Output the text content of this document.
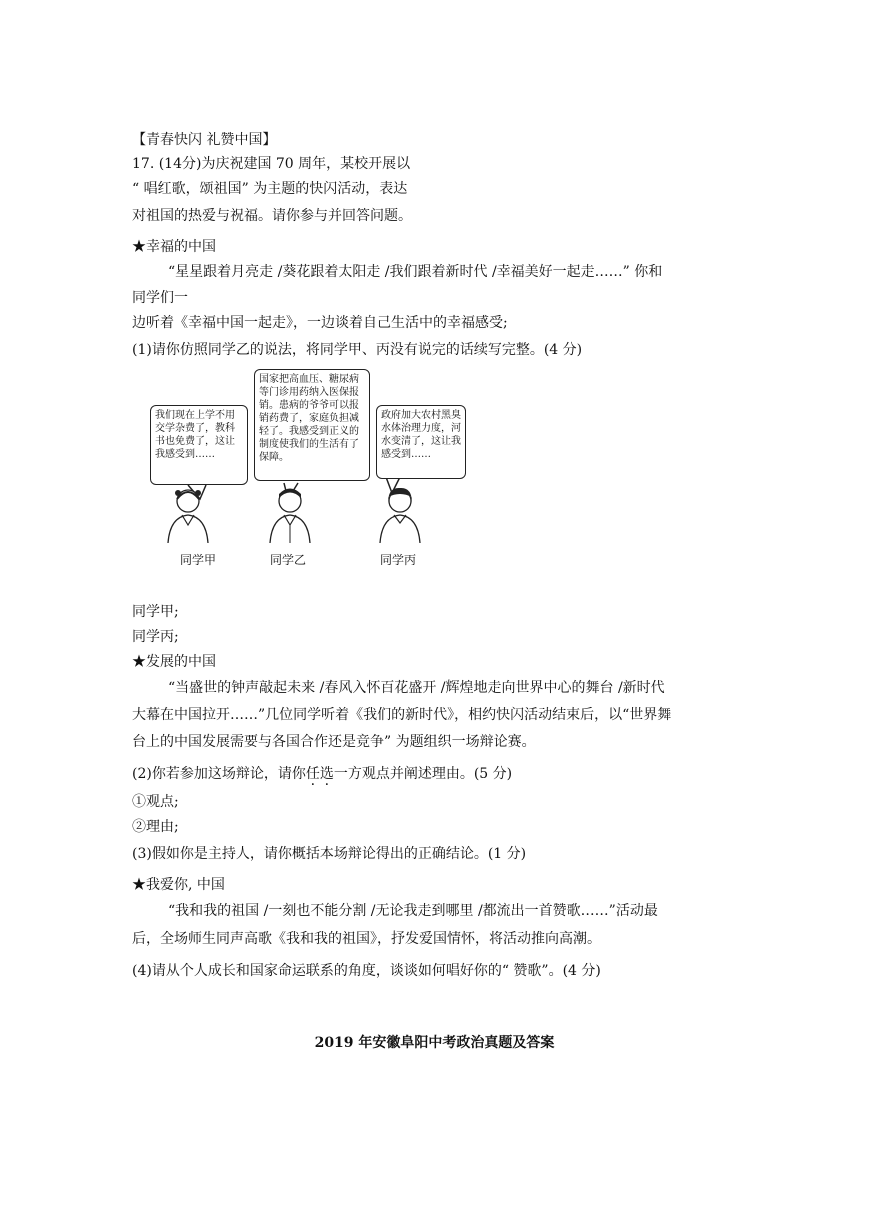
【青春快闪 礼赞中国】
17. (14分)为庆祝建国 70 周年，某校开展以
“ 唱红歌，颂祖国” 为主题的快闪活动，表达
对祖国的热爱与祝福。请你参与并回答问题。
★幸福的中国
“星星跟着月亮走 /葵花跟着太阳走 /我们跟着新时代 /幸福美好一起走……” 你和
同学们一
边听着《幸福中国一起走》，一边谈着自己生活中的幸福感受;
(1)请你仿照同学乙的说法，将同学甲、丙没有说完的话续写完整。(4 分)
我们现在上学不用交学杂费了，教科书也免费了，这让我感受到……
国家把高血压、糖尿病等门诊用药纳入医保报销。患病的爷爷可以报销药费了，家庭负担减轻了。我感受到正义的制度使我们的生活有了保障。
政府加大农村黑臭水体治理力度，河水变清了，这让我感受到……
同学甲	同学乙	同学丙
同学甲;
同学丙;
★发展的中国
“当盛世的钟声敲起未来 /春风入怀百花盛开 /辉煌地走向世界中心的舞台 /新时代
大幕在中国拉开……”几位同学听着《我们的新时代》，相约快闪活动结束后，以“世界舞
台上的中国发展需要与各国合作还是竞争” 为题组织一场辩论赛。
(2)你若参加这场辩论，请你任选一方观点并阐述理由。(5 分)
①观点;
②理由;
(3)假如你是主持人，请你概括本场辩论得出的正确结论。(1 分)
★我爱你, 中国
“我和我的祖国 /一刻也不能分割 /无论我走到哪里 /都流出一首赞歌……”活动最
后，全场师生同声高歌《我和我的祖国》，抒发爱国情怀，将活动推向高潮。
(4)请从个人成长和国家命运联系的角度，谈谈如何唱好你的“ 赞歌”。(4 分)
2019 年安徽阜阳中考政治真题及答案
